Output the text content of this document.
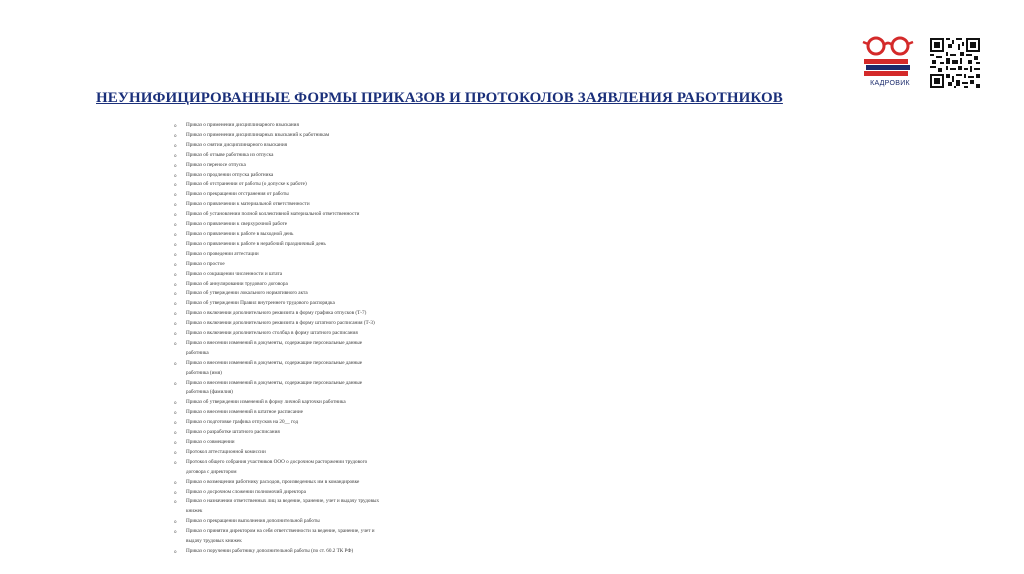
КАДРОВИК
НЕУНИФИЦИРОВАННЫЕ ФОРМЫ ПРИКАЗОВ И ПРОТОКОЛОВ ЗАЯВЛЕНИЯ РАБОТНИКОВ
o Приказ о применении дисциплинарного взыскания
o Приказ о применении дисциплинарных взысканий к работникам
o Приказ о снятии дисциплинарного взыскания
o Приказ об отзыве работника из отпуска
o Приказ о переносе отпуска
o Приказ о продлении отпуска работника
o Приказ об отстранении от работы (о допуске к работе)
o Приказ о прекращении отстранения от работы
o Приказ о привлечении к материальной ответственности
o Приказ об установлении полной коллективной материальной ответственности
o Приказ о привлечении к сверхурочной работе
o Приказ о привлечении к работе в выходной день
o Приказ о привлечении к работе в нерабочий праздничный день
o Приказ о проведении аттестации
o Приказ о простое
o Приказ о сокращении численности и штата
o Приказ об аннулировании трудового договора
o Приказ об утверждении локального нормативного акта
o Приказ об утверждении Правил внутреннего трудового распорядка
o Приказ о включении дополнительного реквизита в форму графика отпусков (Т-7)
o Приказ о включении дополнительного реквизита в форму штатного расписания (Т-3)
o Приказ о включении дополнительного столбца в форму штатного расписания
o Приказ о внесении изменений в документы, содержащие персональные данные
работника
o Приказ о внесении изменений в документы, содержащие персональные данные
работника (имя)
o Приказ о внесении изменений в документы, содержащие персональные данные
работника (фамилия)
o Приказ об утверждении изменений в форму личной карточки работника
o Приказ о внесении изменений в штатное расписание
o Приказ о подготовке графика отпусков на 20__ год
o Приказ о разработке штатного расписания
o Приказ о совмещении
o Протокол аттестационной комиссии
o Протокол общего собрания участников ООО о досрочном расторжении трудового
договора с директором
o Приказ о возмещении работнику расходов, произведенных им в командировке
o Приказ о досрочном сложении полномочий директора
o Приказ о назначении ответственных лиц за ведение, хранение, учет и выдачу трудовых
книжек
o Приказ о прекращении выполнения дополнительной работы
o Приказ о принятии директором на себя ответственности за ведение, хранение, учет и
выдачу трудовых книжек
o Приказ о поручении работнику дополнительной работы (по ст. 60.2 ТК РФ)
